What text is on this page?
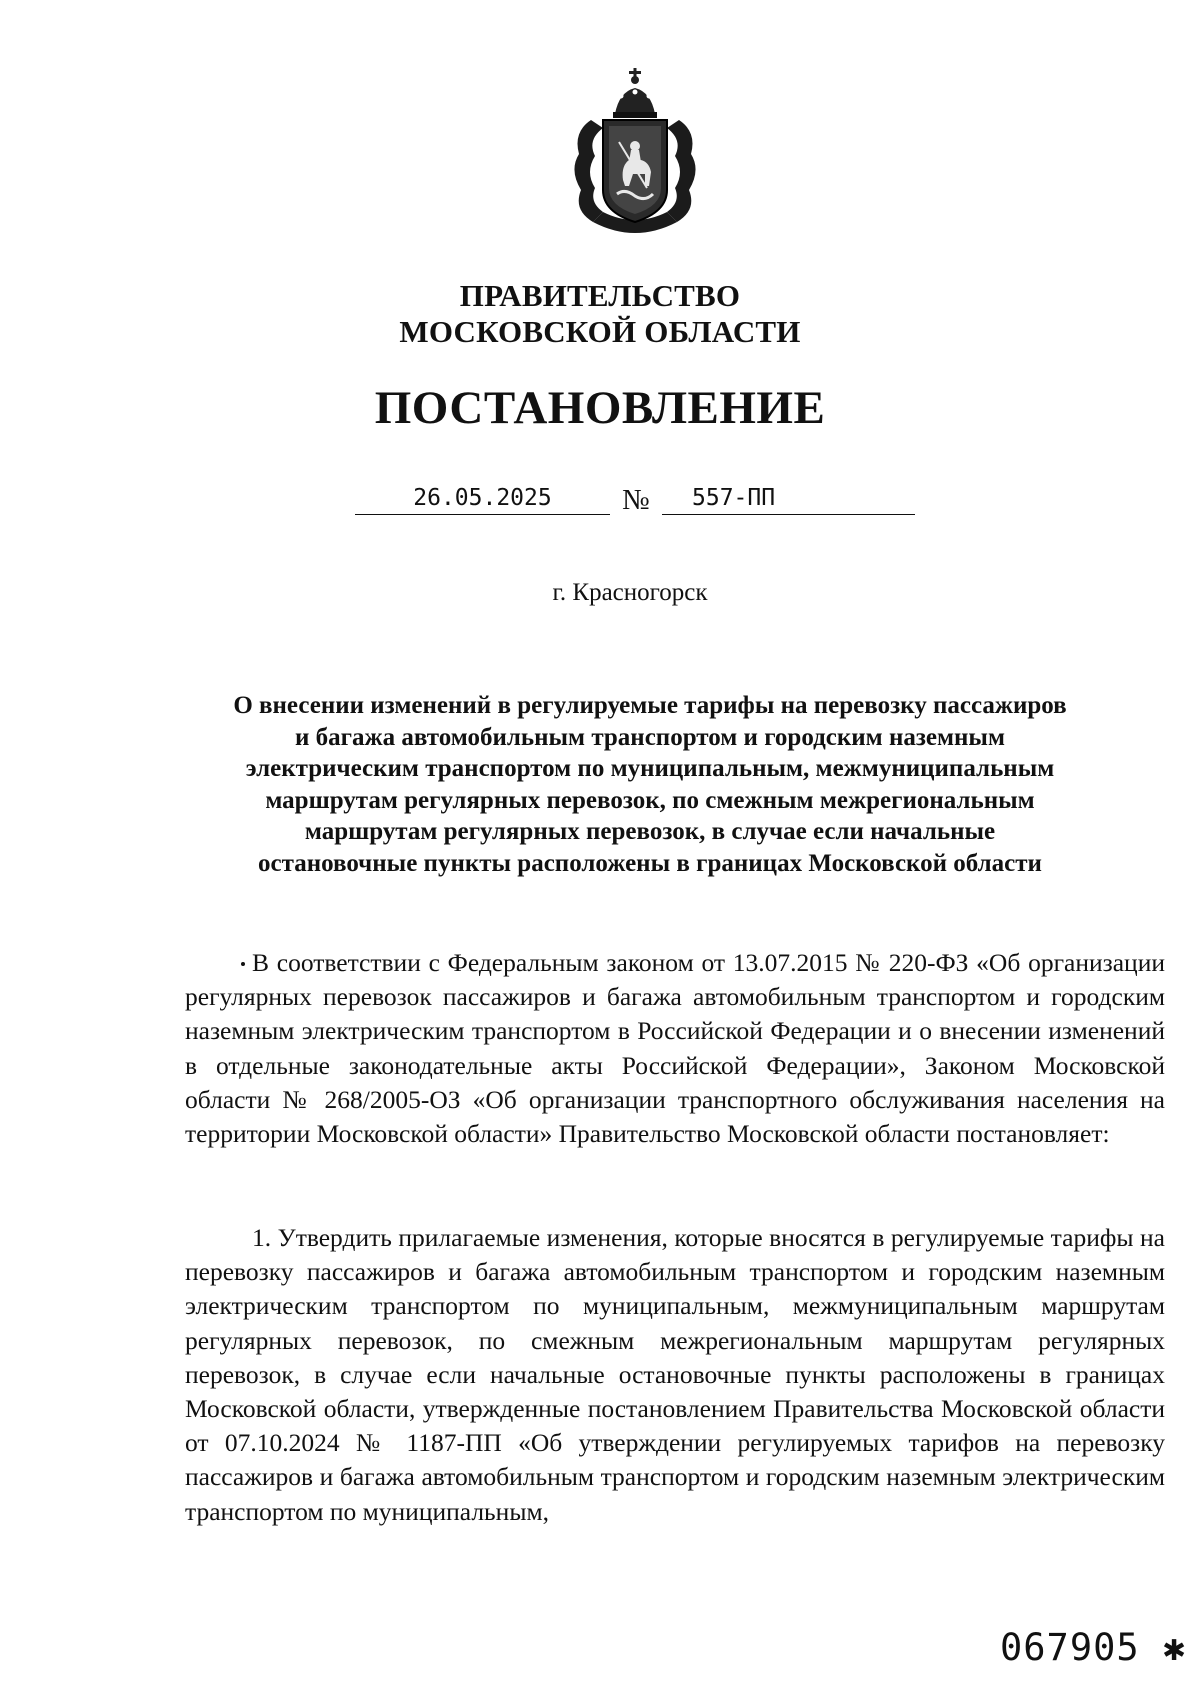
ПРАВИТЕЛЬСТВО
МОСКОВСКОЙ ОБЛАСТИ
ПОСТАНОВЛЕНИЕ
26.05.2025	№ 557-ПП
г. Красногорск
О внесении изменений в регулируемые тарифы на перевозку пассажиров
и багажа автомобильным транспортом и городским наземным
электрическим транспортом по муниципальным, межмуниципальным
маршрутам регулярных перевозок, по смежным межрегиональным
маршрутам регулярных перевозок, в случае если начальные
остановочные пункты расположены в границах Московской области
В соответствии с Федеральным законом от 13.07.2015 № 220-ФЗ «Об организации регулярных перевозок пассажиров и багажа автомобильным транспортом и городским наземным электрическим транспортом в Российской Федерации и о внесении изменений в отдельные законодательные акты Российской Федерации», Законом Московской области № 268/2005-ОЗ «Об организации транспортного обслуживания населения на территории Московской области» Правительство Московской области постановляет:
1. Утвердить прилагаемые изменения, которые вносятся в регулируемые тарифы на перевозку пассажиров и багажа автомобильным транспортом и городским наземным электрическим транспортом по муниципальным, межмуниципальным маршрутам регулярных перевозок, по смежным межрегиональным маршрутам регулярных перевозок, в случае если начальные остановочные пункты расположены в границах Московской области, утвержденные постановлением Правительства Московской области от 07.10.2024 № 1187-ПП «Об утверждении регулируемых тарифов на перевозку пассажиров и багажа автомобильным транспортом и городским наземным электрическим транспортом по муниципальным,
067905 ✱
